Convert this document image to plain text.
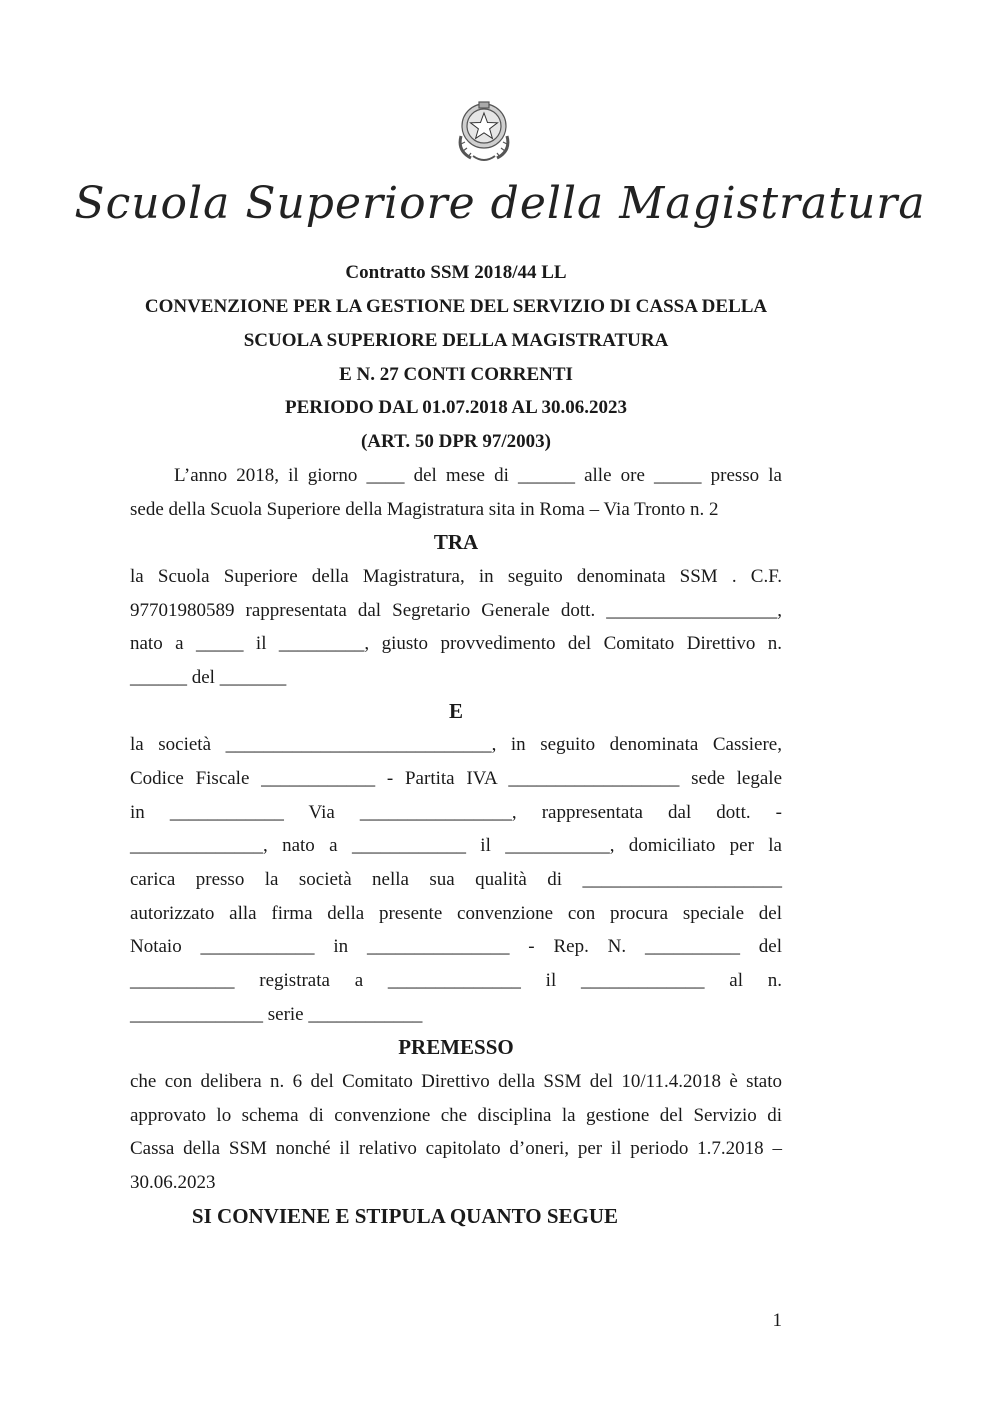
Scuola Superiore della Magistratura
Contratto SSM 2018/44 LL
CONVENZIONE PER LA GESTIONE DEL SERVIZIO DI CASSA DELLA
SCUOLA SUPERIORE DELLA MAGISTRATURA
E N. 27 CONTI CORRENTI
PERIODO DAL 01.07.2018 AL 30.06.2023
(ART. 50 DPR 97/2003)
L’anno 2018, il giorno ____ del mese di ______ alle ore _____ presso la
sede della Scuola Superiore della Magistratura sita in Roma – Via Tronto n. 2
TRA
la Scuola Superiore della Magistratura, in seguito denominata SSM . C.F.
97701980589 rappresentata dal Segretario Generale dott. __________________,
nato a _____ il _________, giusto provvedimento del Comitato Direttivo n.
______ del _______
E
la società ____________________________, in seguito denominata Cassiere,
Codice Fiscale ____________ - Partita IVA __________________ sede legale
in ____________ Via ________________, rappresentata dal dott. -
______________, nato a ____________ il ___________, domiciliato per la
carica presso la società nella sua qualità di _____________________
autorizzato alla firma della presente convenzione con procura speciale del
Notaio ____________ in _______________ - Rep. N. __________ del
___________ registrata a ______________ il _____________ al n.
______________ serie ____________
PREMESSO
che con delibera n. 6 del Comitato Direttivo della SSM del 10/11.4.2018 è stato
approvato lo schema di convenzione che disciplina la gestione del Servizio di
Cassa della SSM nonché il relativo capitolato d’oneri, per il periodo 1.7.2018 –
30.06.2023
SI CONVIENE E STIPULA QUANTO SEGUE
1
